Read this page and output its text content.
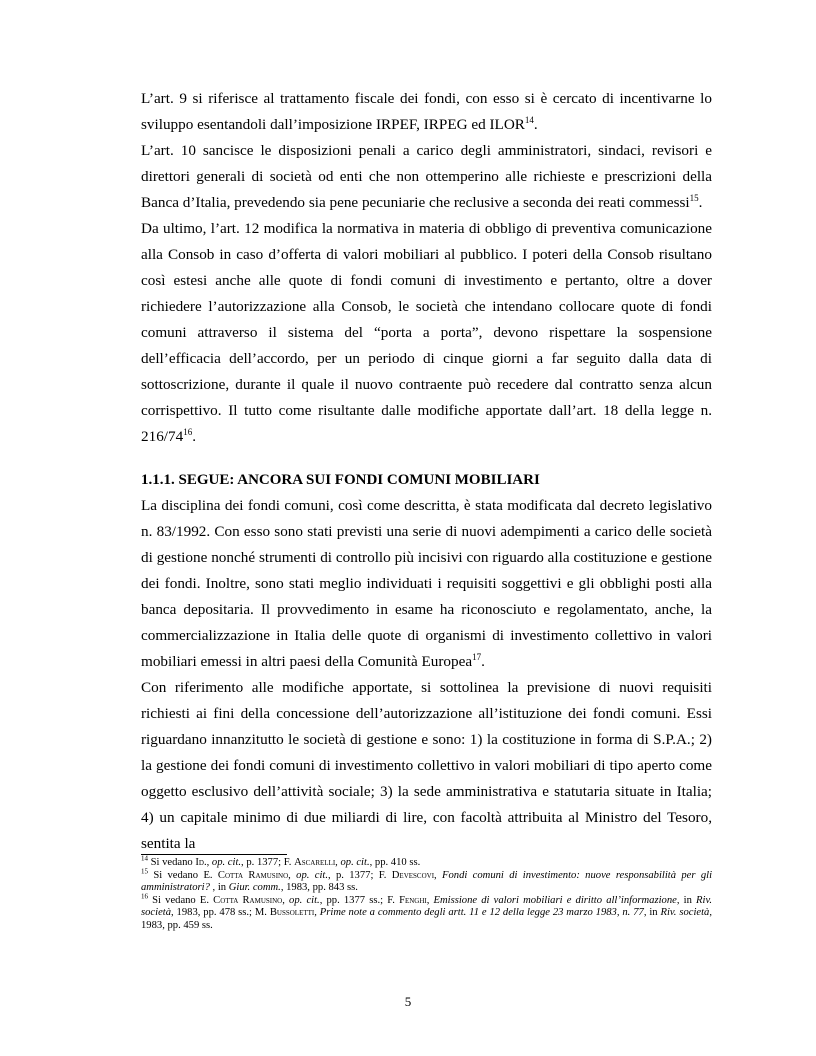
L’art. 9 si riferisce al trattamento fiscale dei fondi, con esso si è cercato di incentivarne lo sviluppo esentandoli dall’imposizione IRPEF, IRPEG ed ILOR$^{14}$.

L’art. 10 sancisce le disposizioni penali a carico degli amministratori, sindaci, revisori e direttori generali di società od enti che non ottemperino alle richieste e prescrizioni della Banca d’Italia, prevedendo sia pene pecuniarie che reclusive a seconda dei reati commessi$^{15}$.

Da ultimo, l’art. 12 modifica la normativa in materia di obbligo di preventiva comunicazione alla Consob in caso d’offerta di valori mobiliari al pubblico. I poteri della Consob risultano così estesi anche alle quote di fondi comuni di investimento e pertanto, oltre a dover richiedere l’autorizzazione alla Consob, le società che intendano collocare quote di fondi comuni attraverso il sistema del “porta a porta”, devono rispettare la sospensione dell’efficacia dell’accordo, per un periodo di cinque giorni a far seguito dalla data di sottoscrizione, durante il quale il nuovo contraente può recedere dal contratto senza alcun corrispettivo. Il tutto come risultante dalle modifiche apportate dall’art. 18 della legge n. $216/74^{16}$.

1.1.1. SEGUE: ANCORA SUI FONDI COMUNI MOBILIARI

La disciplina dei fondi comuni, così come descritta, è stata modificata dal decreto legislativo n. 83/1992. Con esso sono stati previsti una serie di nuovi adempimenti a carico delle società di gestione nonché strumenti di controllo più incisivi con riguardo alla costituzione e gestione dei fondi. Inoltre, sono stati meglio individuati i requisiti soggettivi e gli obblighi posti alla banca depositaria. Il provvedimento in esame ha riconosciuto e regolamentato, anche, la commercializzazione in Italia delle quote di organismi di investimento collettivo in valori mobiliari emessi in altri paesi della Comunità Europea$^{17}$.

Con riferimento alle modifiche apportate, si sottolinea la previsione di nuovi requisiti richiesti ai fini della concessione dell’autorizzazione all’istituzione dei fondi comuni. Essi riguardano innanzitutto le società di gestione e sono: 1) la costituzione in forma di S.P.A.; 2) la gestione dei fondi comuni di investimento collettivo in valori mobiliari di tipo aperto come oggetto esclusivo dell’attività sociale; 3) la sede amministrativa e statutaria situate in Italia; 4) un capitale minimo di due miliardi di lire, con facoltà attribuita al Ministro del Tesoro, sentita la

$^{14}$ Si vedano Id., op. cit., p. 1377; F. Ascarelli, op. cit., pp. 410 ss.

$^{15}$ Si vedano E. Cotta Ramusino, op. cit., p. 1377; F. Devescovi, Fondi comuni di investimento: nuove responsabilità per gli amministratori? , in Giur. comm., 1983, pp. 843 ss.

$^{16}$ Si vedano E. Cotta Ramusino, op. cit., pp. 1377 ss.; F. Fenghi, Emissione di valori mobiliari e diritto all’informazione, in Riv. società, 1983, pp. 478 ss.; M. Bussoletti, Prime note a commento degli artt. 11 e 12 della legge 23 marzo 1983, n. 77, in Riv. società, 1983, pp. 459 ss.

5
